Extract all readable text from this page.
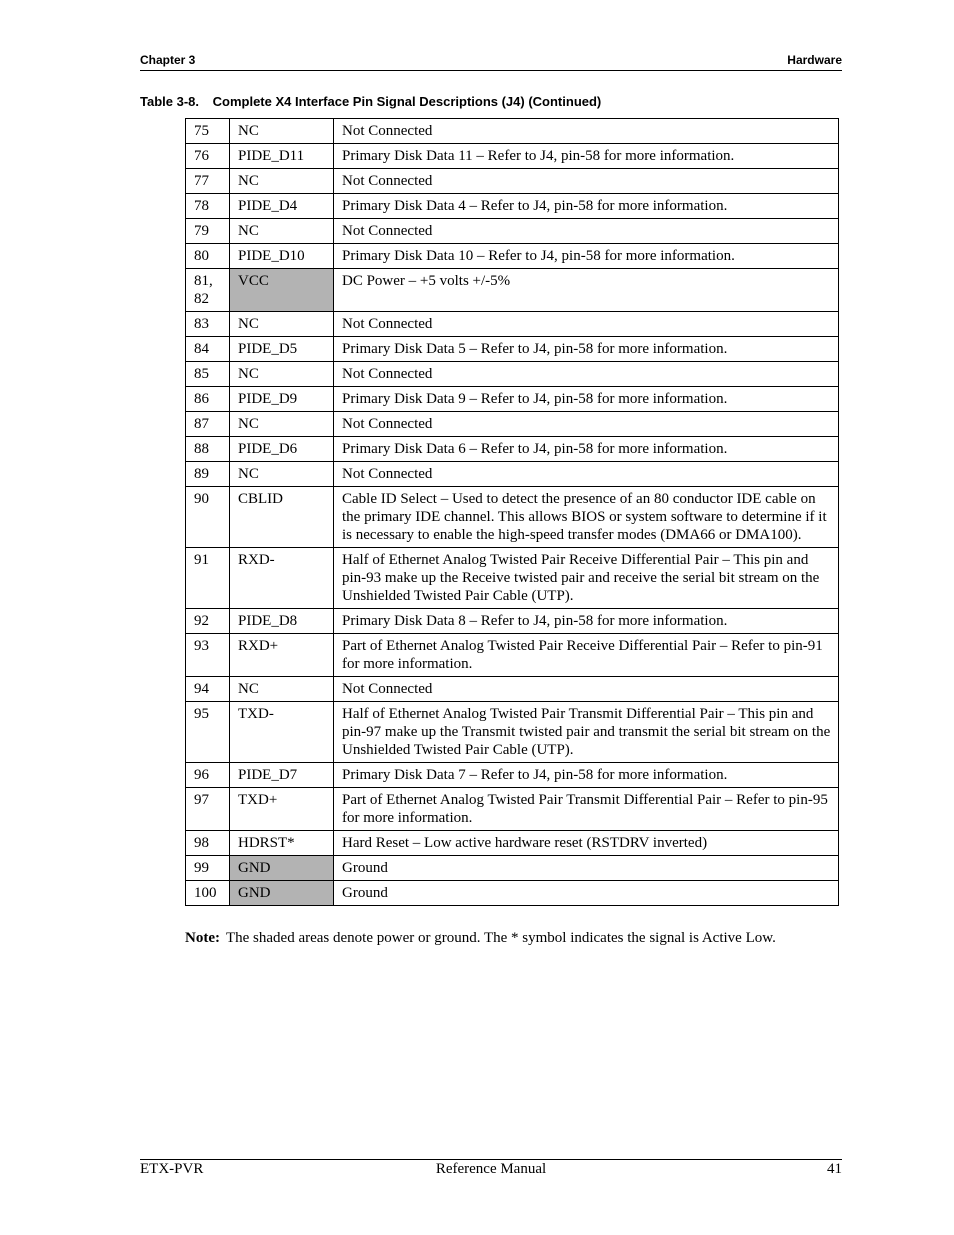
Chapter 3	Hardware
Table 3-8. Complete X4 Interface Pin Signal Descriptions (J4) (Continued)
75	NC	Not Connected
76	PIDE_D11	Primary Disk Data 11 – Refer to J4, pin-58 for more information.
77	NC	Not Connected
78	PIDE_D4	Primary Disk Data 4 – Refer to J4, pin-58 for more information.
79	NC	Not Connected
80	PIDE_D10	Primary Disk Data 10 – Refer to J4, pin-58 for more information.
81, 82	VCC	DC Power – +5 volts +/-5%
83	NC	Not Connected
84	PIDE_D5	Primary Disk Data 5 – Refer to J4, pin-58 for more information.
85	NC	Not Connected
86	PIDE_D9	Primary Disk Data 9 – Refer to J4, pin-58 for more information.
87	NC	Not Connected
88	PIDE_D6	Primary Disk Data 6 – Refer to J4, pin-58 for more information.
89	NC	Not Connected
90	CBLID	Cable ID Select – Used to detect the presence of an 80 conductor IDE cable on the primary IDE channel. This allows BIOS or system software to determine if it is necessary to enable the high-speed transfer modes (DMA66 or DMA100).
91	RXD-	Half of Ethernet Analog Twisted Pair Receive Differential Pair – This pin and pin-93 make up the Receive twisted pair and receive the serial bit stream on the Unshielded Twisted Pair Cable (UTP).
92	PIDE_D8	Primary Disk Data 8 – Refer to J4, pin-58 for more information.
93	RXD+	Part of Ethernet Analog Twisted Pair Receive Differential Pair – Refer to pin-91 for more information.
94	NC	Not Connected
95	TXD-	Half of Ethernet Analog Twisted Pair Transmit Differential Pair – This pin and pin-97 make up the Transmit twisted pair and transmit the serial bit stream on the Unshielded Twisted Pair Cable (UTP).
96	PIDE_D7	Primary Disk Data 7 – Refer to J4, pin-58 for more information.
97	TXD+	Part of Ethernet Analog Twisted Pair Transmit Differential Pair – Refer to pin-95 for more information.
98	HDRST*	Hard Reset – Low active hardware reset (RSTDRV inverted)
99	GND	Ground
100	GND	Ground
Note: The shaded areas denote power or ground. The * symbol indicates the signal is Active Low.
ETX-PVR	Reference Manual	41
